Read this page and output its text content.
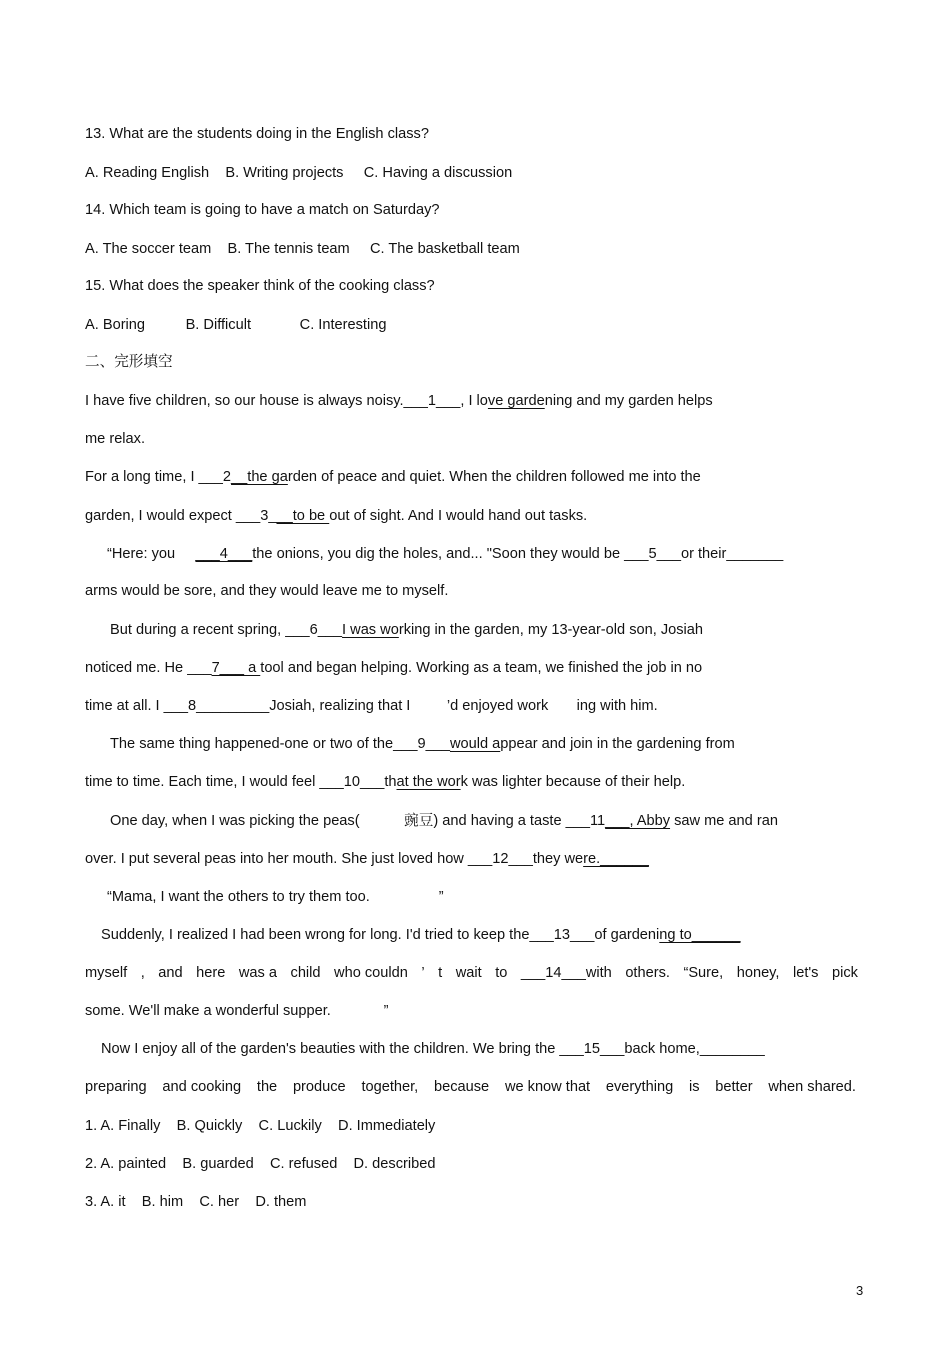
13. What are the students doing in the English class?
A. Reading English    B. Writing projects     C. Having a discussion
14. Which team is going to have a match on Saturday?
A. The soccer team    B. The tennis team     C. The basketball team
15. What does the speaker think of the cooking class?
A. Boring          B. Difficult            C. Interesting
二、完形填空
I have five children, so our house is always noisy.___1___, I love gardening and my garden helps
me relax.
For a long time, I ___2__the garden of peace and quiet. When the children followed me into the
garden, I would expect ___3___to be out of sight. And I would hand out tasks.
“Here: you     ___4___the onions, you dig the holes, and... "Soon they would be ___5___or their_______
arms would be sore, and they would leave me to myself.
But during a recent spring, ___6___I was working in the garden, my 13-year-old son, Josiah
noticed me. He ___7___ a tool and began helping. Working as a team, we finished the job in no
time at all. I ___8_________Josiah, realizing that I         ’d enjoyed work       ing with him.
The same thing happened-one or two of the___9___would appear and join in the gardening from
time to time. Each time, I would feel ___10___that the work was lighter because of their help.
One day, when I was picking the peas(           豌豆) and having a taste ___11___, Abby saw me and ran
over. I put several peas into her mouth. She just loved how ___12___they were.______
“Mama, I want the others to try them too.                 ”
Suddenly, I realized I had been wrong for long. I'd tried to keep the___13___of gardening to______
myself , and here was a child who couldn ’ t wait to ___14___with others. “Sure, honey, let's pick
some. We'll make a wonderful supper.             ”
Now I enjoy all of the garden's beauties with the children. We bring the ___15___back home,________
preparing and cooking the produce together, because we know that everything is better when shared.
1. A. Finally    B. Quickly    C. Luckily    D. Immediately
2. A. painted    B. guarded    C. refused    D. described
3. A. it    B. him    C. her    D. them
3
